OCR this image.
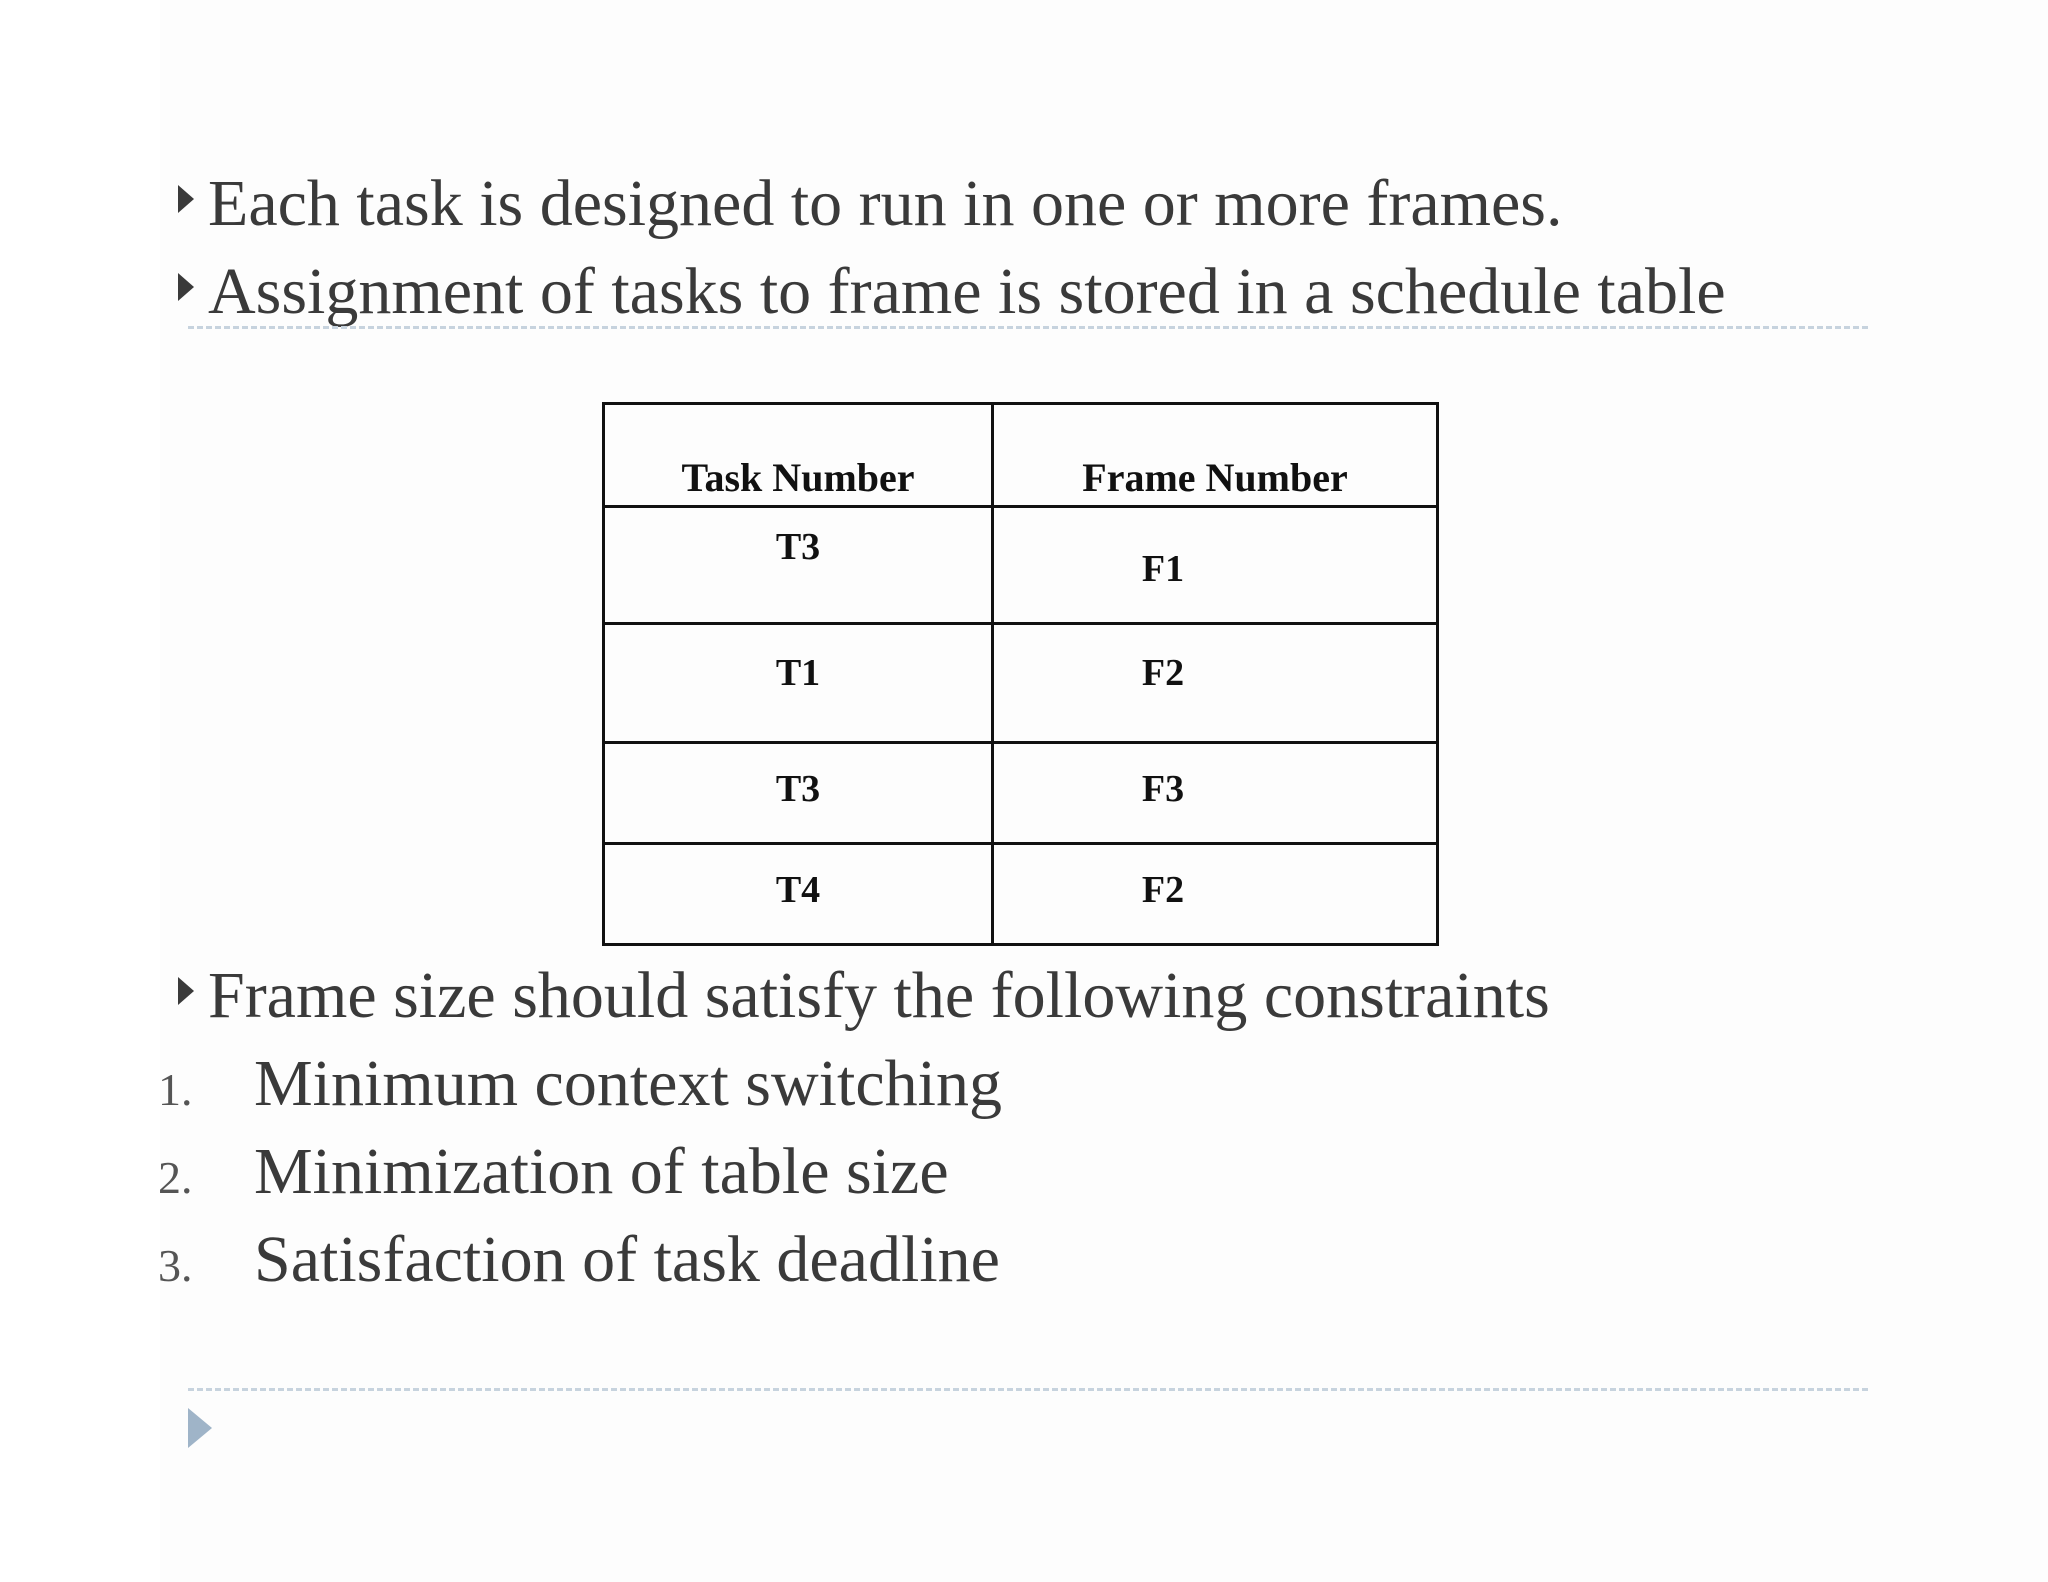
Each task is designed to run in one or more frames.
Assignment of tasks to frame is stored in a schedule table
Task Number	Frame Number

T3	F1

T1	F2

T3	F3

T4	F2
Frame size should satisfy the following constraints
1. Minimum context switching
2. Minimization of table size
3. Satisfaction of task deadline
